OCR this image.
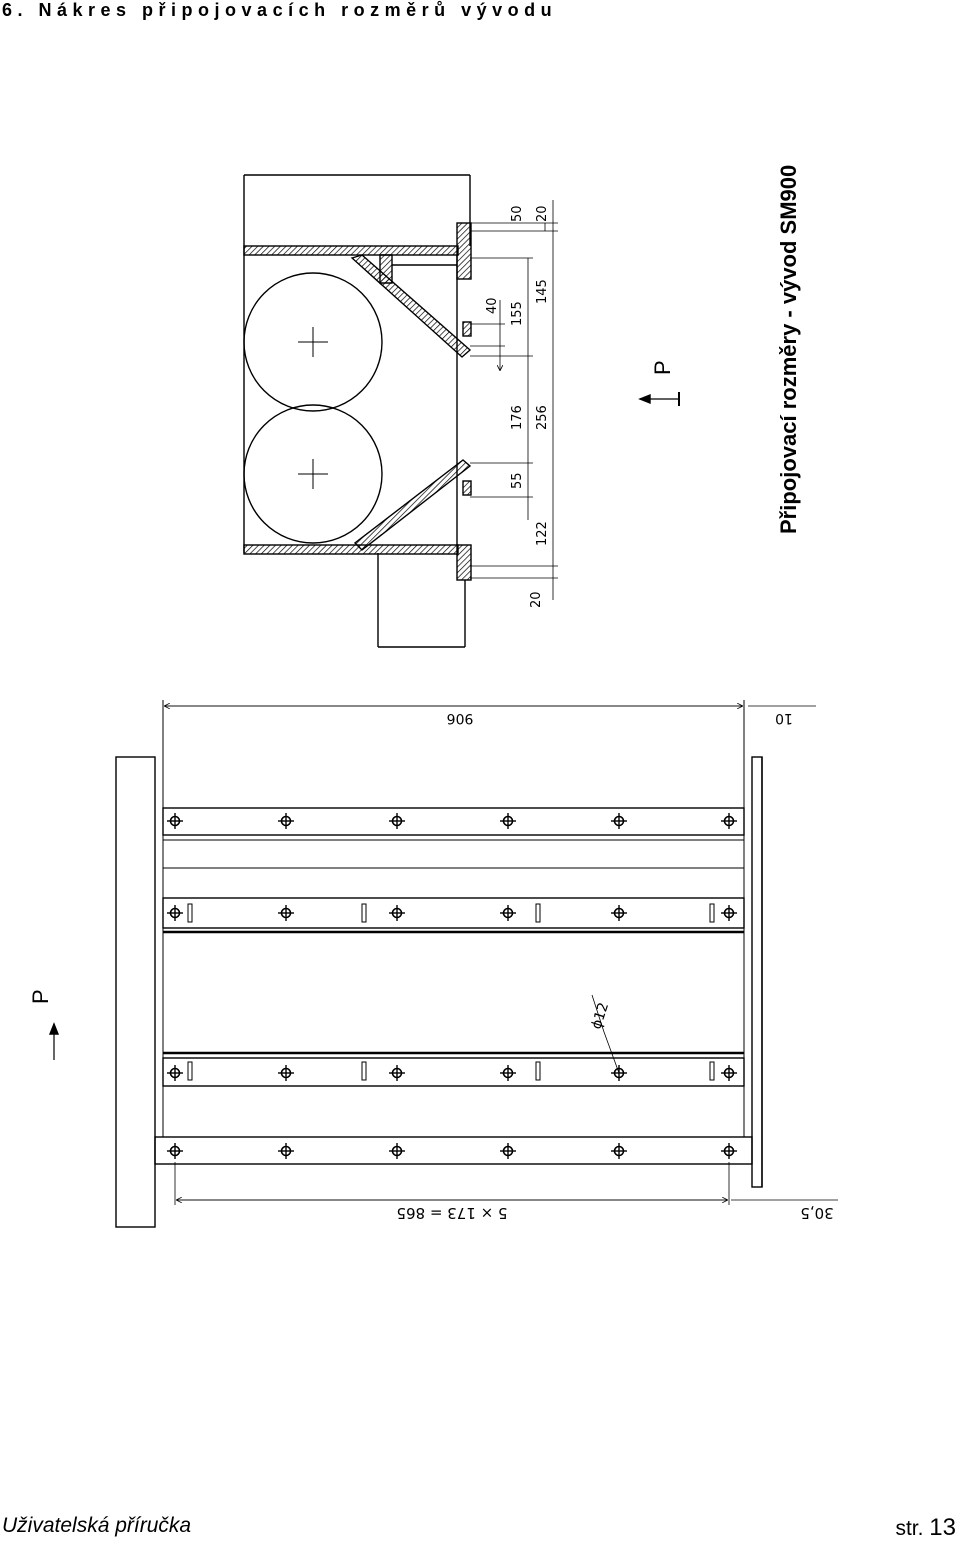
6. Nákres připojovacích rozměrů vývodu
50 20
40 155
145
176 256
55
122
20
P	Připojovací rozměry - vývod SM900
906	10
5 × 173 = 865	30,5
ϕ12
P
Uživatelská příručka	str. 13
